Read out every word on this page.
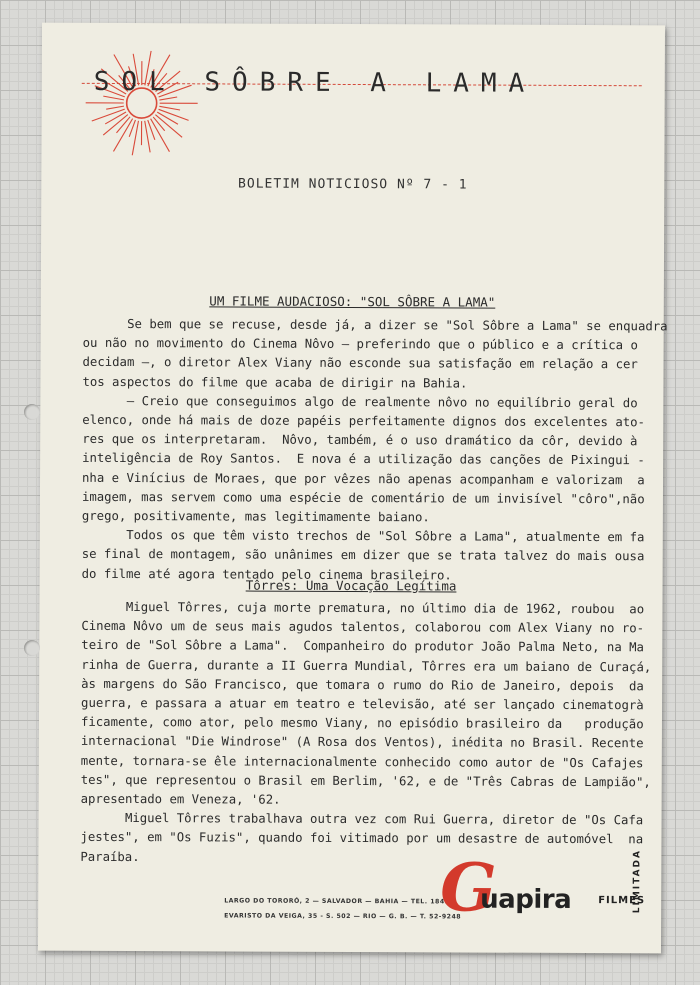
SOL SÔBRE A LAMA
BOLETIM NOTICIOSO Nº 7 - 1
UM FILME AUDACIOSO: "SOL SÔBRE A LAMA"
Se bem que se recuse, desde já, a dizer se "Sol Sôbre a Lama" se enquadra
ou não no movimento do Cinema Nôvo — preferindo que o público e a crítica o
decidam —, o diretor Alex Viany não esconde sua satisfação em relação a cer
tos aspectos do filme que acaba de dirigir na Bahia.
— Creio que conseguimos algo de realmente nôvo no equilíbrio geral do
elenco, onde há mais de doze papéis perfeitamente dignos dos excelentes ato-
res que os interpretaram.  Nôvo, também, é o uso dramático da côr, devido à
inteligência de Roy Santos.  E nova é a utilização das canções de Pixingui -
nha e Vinícius de Moraes, que por vêzes não apenas acompanham e valorizam  a
imagem, mas servem como uma espécie de comentário de um invisível "côro",não
grego, positivamente, mas legitimamente baiano.
Todos os que têm visto trechos de "Sol Sôbre a Lama", atualmente em fa
se final de montagem, são unânimes em dizer que se trata talvez do mais ousa
do filme até agora tentado pelo cinema brasileiro.
Tôrres: Uma Vocação Legítima
Miguel Tôrres, cuja morte prematura, no último dia de 1962, roubou  ao
Cinema Nôvo um de seus mais agudos talentos, colaborou com Alex Viany no ro-
teiro de "Sol Sôbre a Lama".  Companheiro do produtor João Palma Neto, na Ma
rinha de Guerra, durante a II Guerra Mundial, Tôrres era um baiano de Curaçá,
às margens do São Francisco, que tomara o rumo do Rio de Janeiro, depois  da
guerra, e passara a atuar em teatro e televisão, até ser lançado cinematogrà
ficamente, como ator, pelo mesmo Viany, no episódio brasileiro da   produção
internacional "Die Windrose" (A Rosa dos Ventos), inédita no Brasil. Recente
mente, tornara-se êle internacionalmente conhecido como autor de "Os Cafajes
tes", que representou o Brasil em Berlim, '62, e de "Três Cabras de Lampião",
apresentado em Veneza, '62.
Miguel Tôrres trabalhava outra vez com Rui Guerra, diretor de "Os Cafa
jestes", em "Os Fuzis", quando foi vitimado por um desastre de automóvel  na
Paraíba.
LARGO DO TORORÓ, 2 — SALVADOR — BAHIA — TEL. 1845
EVARISTO DA VEIGA, 35 - S. 502 — RIO — G. B. — T. 52-9248
G
uapira	FILMES
LIMITADA
